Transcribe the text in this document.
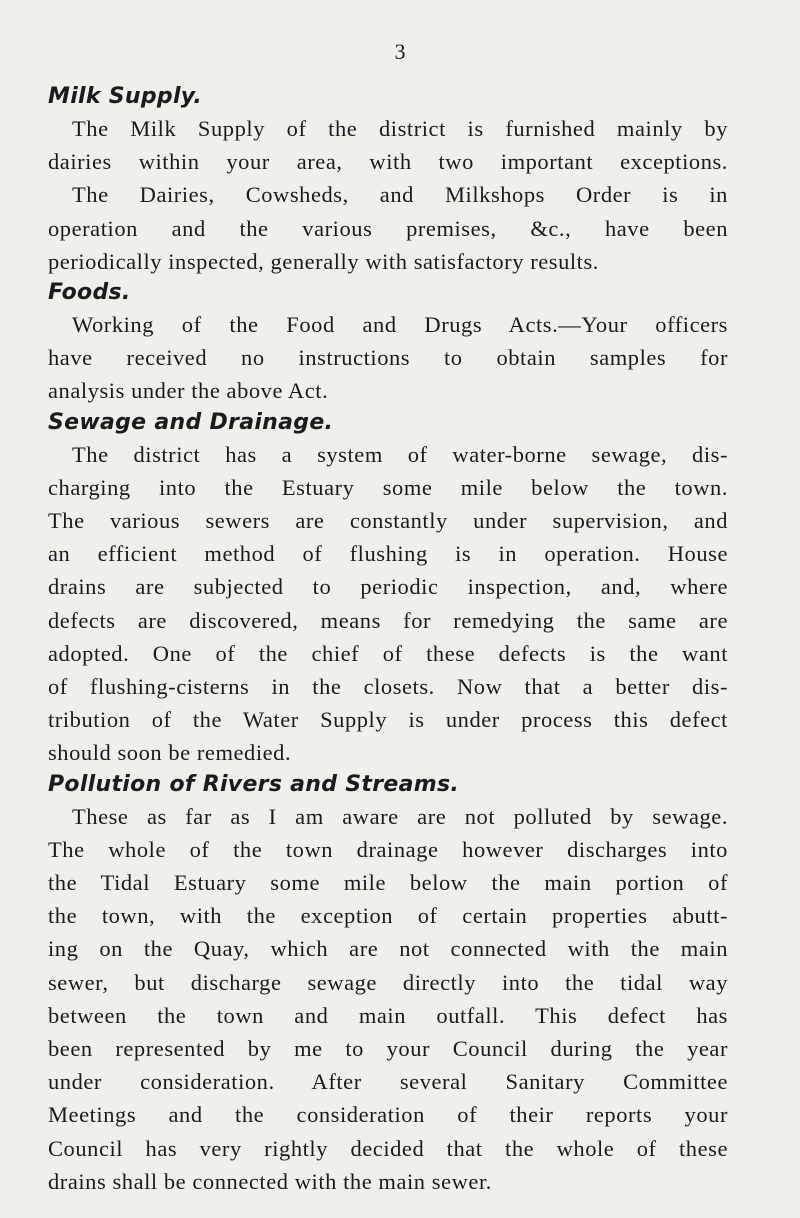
3
Milk Supply.

The Milk Supply of the district is furnished mainly by
dairies within your area, with two important exceptions.
The Dairies, Cowsheds, and Milkshops Order is in
operation and the various premises, &c., have been
periodically inspected, generally with satisfactory results.

Foods.

Working of the Food and Drugs Acts.—Your officers
have received no instructions to obtain samples for
analysis under the above Act.

Sewage and Drainage.

The district has a system of water-borne sewage, dis-
charging into the Estuary some mile below the town.
The various sewers are constantly under supervision, and
an efficient method of flushing is in operation. House
drains are subjected to periodic inspection, and, where
defects are discovered, means for remedying the same are
adopted. One of the chief of these defects is the want
of flushing-cisterns in the closets. Now that a better dis-
tribution of the Water Supply is under process this defect
should soon be remedied.

Pollution of Rivers and Streams.

These as far as I am aware are not polluted by sewage.
The whole of the town drainage however discharges into
the Tidal Estuary some mile below the main portion of
the town, with the exception of certain properties abutt-
ing on the Quay, which are not connected with the main
sewer, but discharge sewage directly into the tidal way
between the town and main outfall. This defect has
been represented by me to your Council during the year
under consideration. After several Sanitary Committee
Meetings and the consideration of their reports your
Council has very rightly decided that the whole of these
drains shall be connected with the main sewer.
